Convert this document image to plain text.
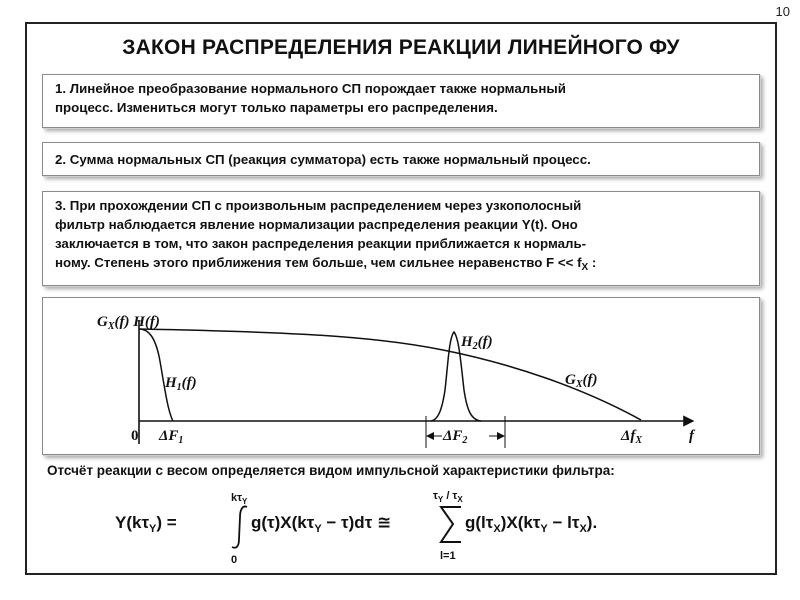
10
ЗАКОН РАСПРЕДЕЛЕНИЯ РЕАКЦИИ ЛИНЕЙНОГО ФУ
1. Линейное преобразование нормального СП порождает также нормальный
процесс. Измениться могут только параметры его распределения.
2. Сумма нормальных СП (реакция сумматора) есть также нормальный процесс.
3. При прохождении СП с произвольным распределением через узкополосный
фильтр наблюдается явление нормализации распределения реакции Y(t). Оно
заключается в том, что закон распределения реакции приближается к нормаль-
ному. Степень этого приближения тем больше, чем сильнее неравенство $F << f_X$ :
$G_X(f)$ H(f)
$H_1(f)$
$H_2(f)$
$G_X(f)$
0 $\Delta F_1$	$\Delta F_2$	$\Delta f_X$	f
Отсчёт реакции с весом определяется видом импульсной характеристики фильтра:
$Y(k\tau_Y)$ =
$k\tau_Y$
0
$g(\tau)X(k\tau_Y - \tau)d\tau$ ≅
$\tau_Y / \tau_X$
l=1
$g(l\tau_X)X(k\tau_Y - l\tau_X)$.
